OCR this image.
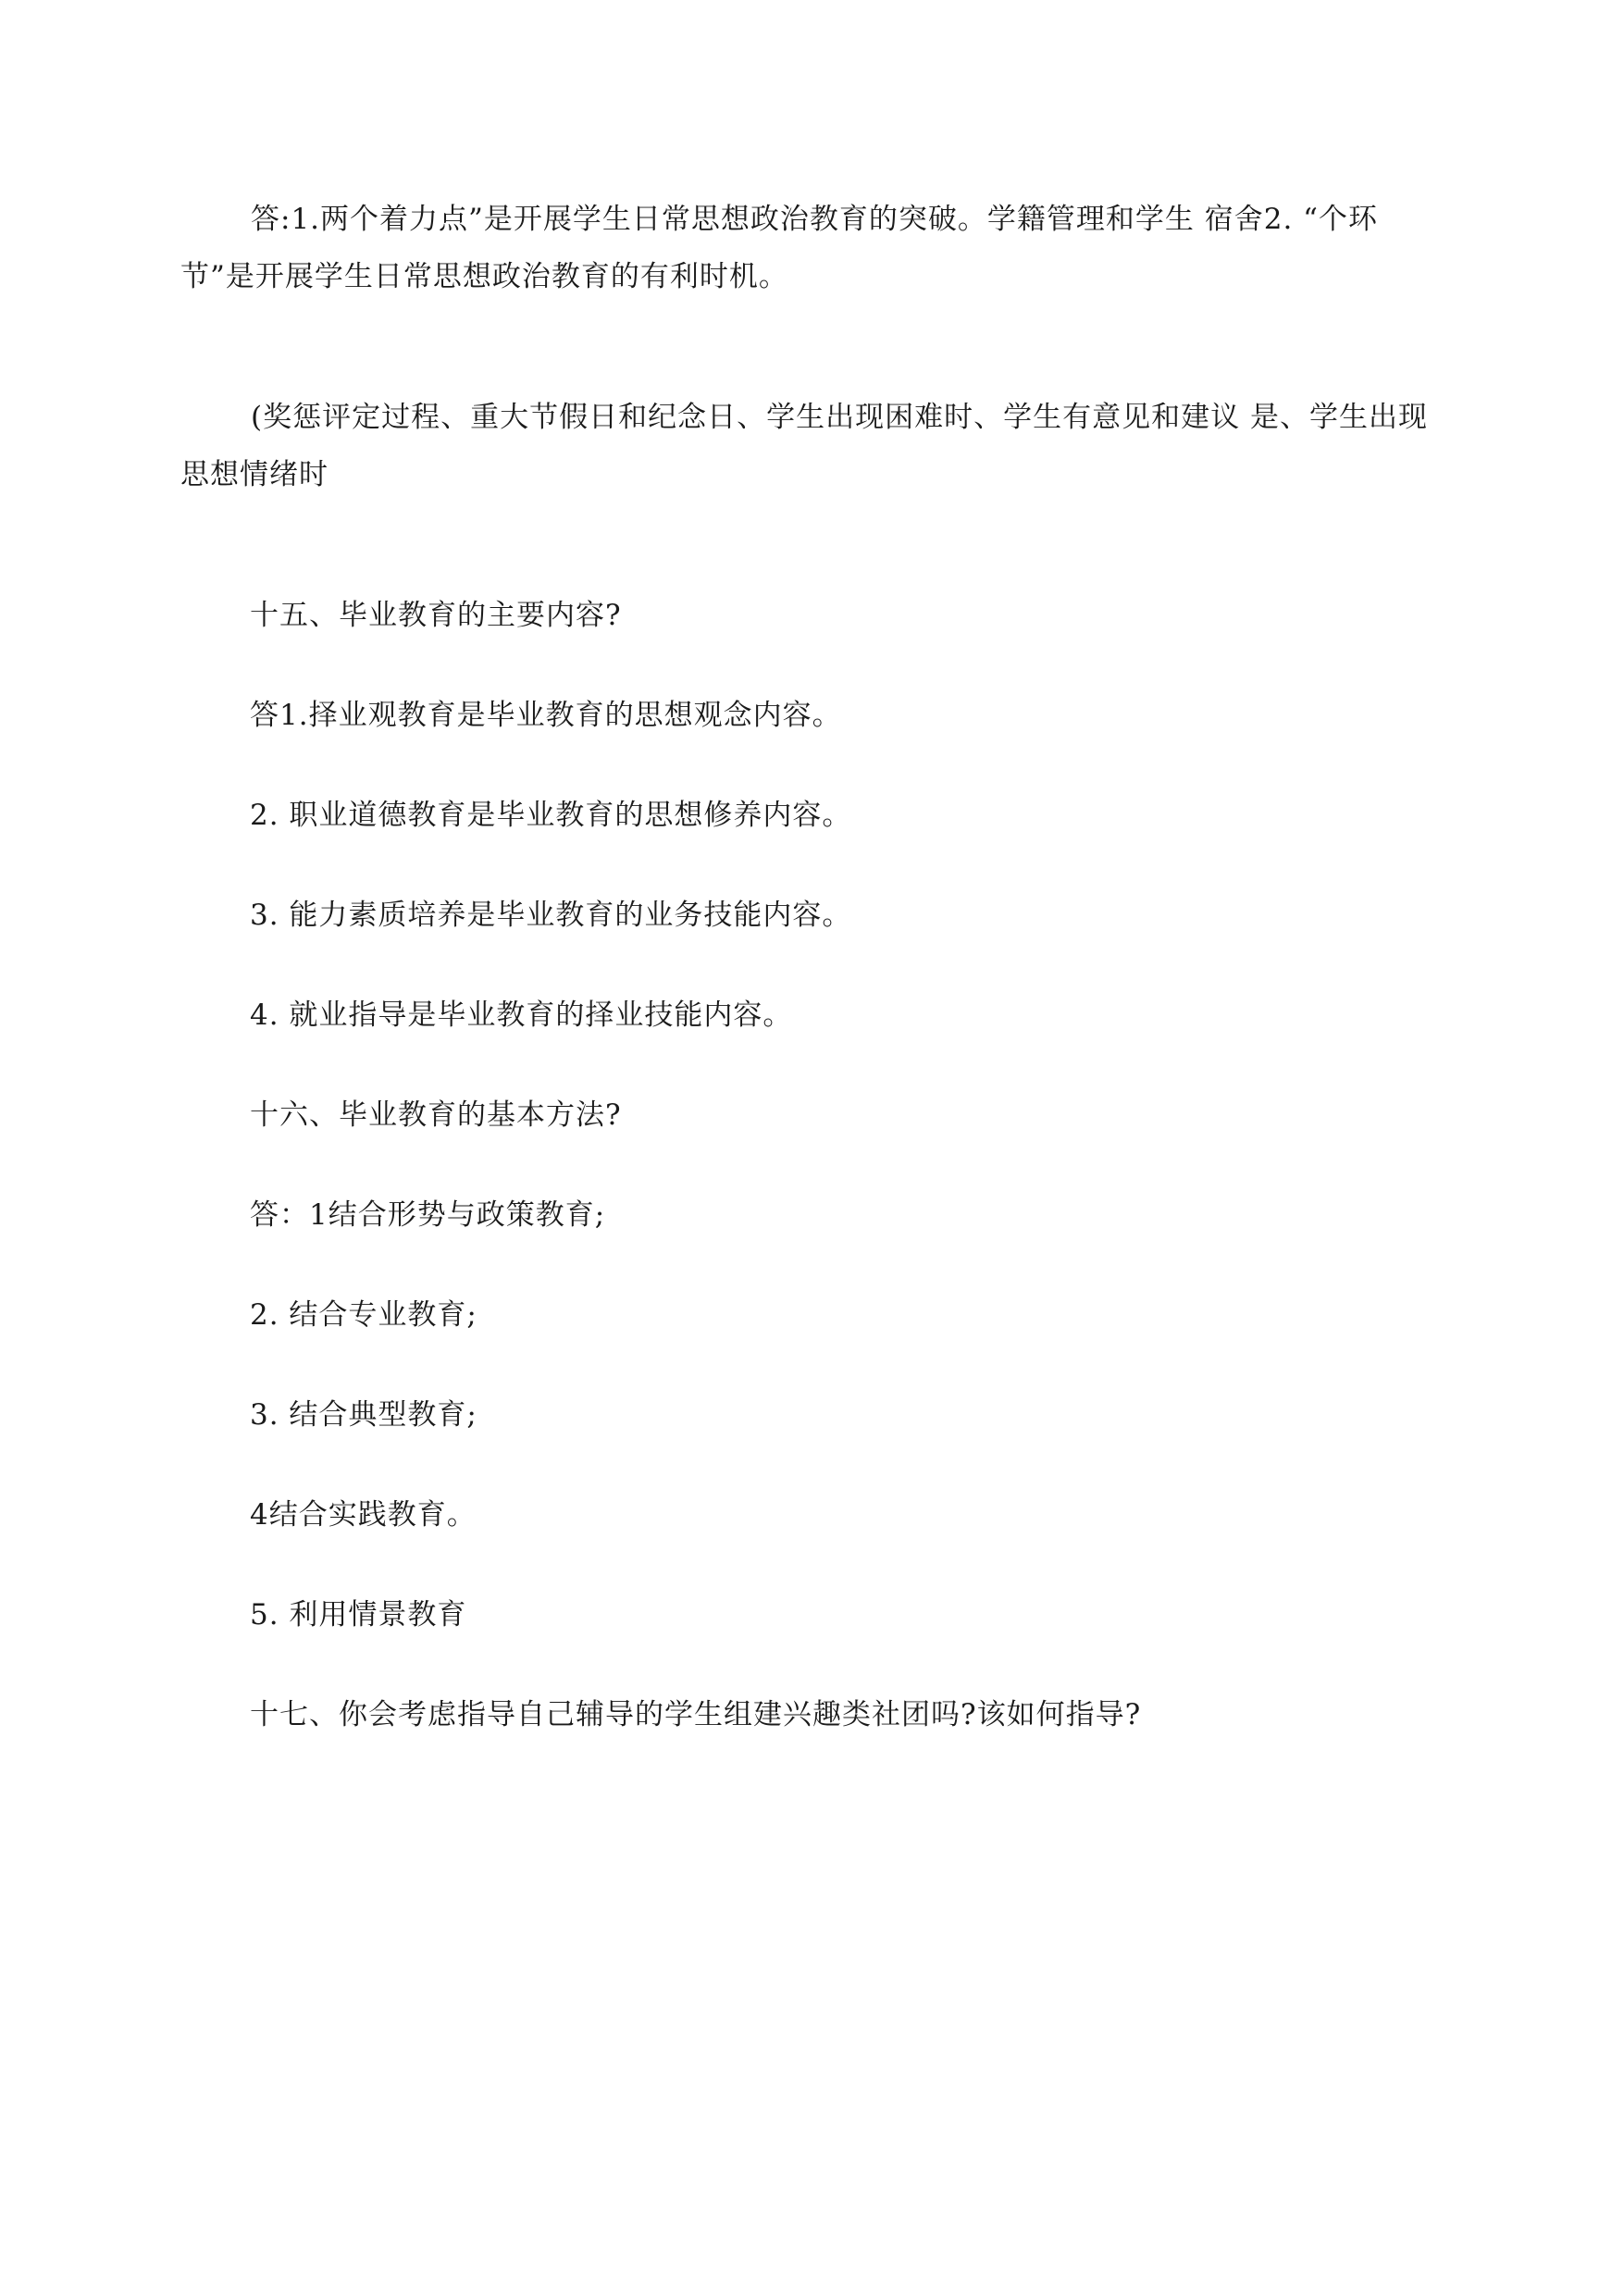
答:1.两个着力点”是开展学生日常思想政治教育的突破。学籍管理和学生 宿舍2. “个环节”是开展学生日常思想政治教育的有利时机。

(奖惩评定过程、重大节假日和纪念日、学生出现困难时、学生有意见和建议 是、学生出现思想情绪时

十五、毕业教育的主要内容?

答1.择业观教育是毕业教育的思想观念内容。

2. 职业道德教育是毕业教育的思想修养内容。

3. 能力素质培养是毕业教育的业务技能内容。

4. 就业指导是毕业教育的择业技能内容。

十六、毕业教育的基本方法?

答：1结合形势与政策教育;

2. 结合专业教育;

3. 结合典型教育;

4结合实践教育。

5. 利用情景教育

十七、你会考虑指导自己辅导的学生组建兴趣类社团吗?该如何指导?
